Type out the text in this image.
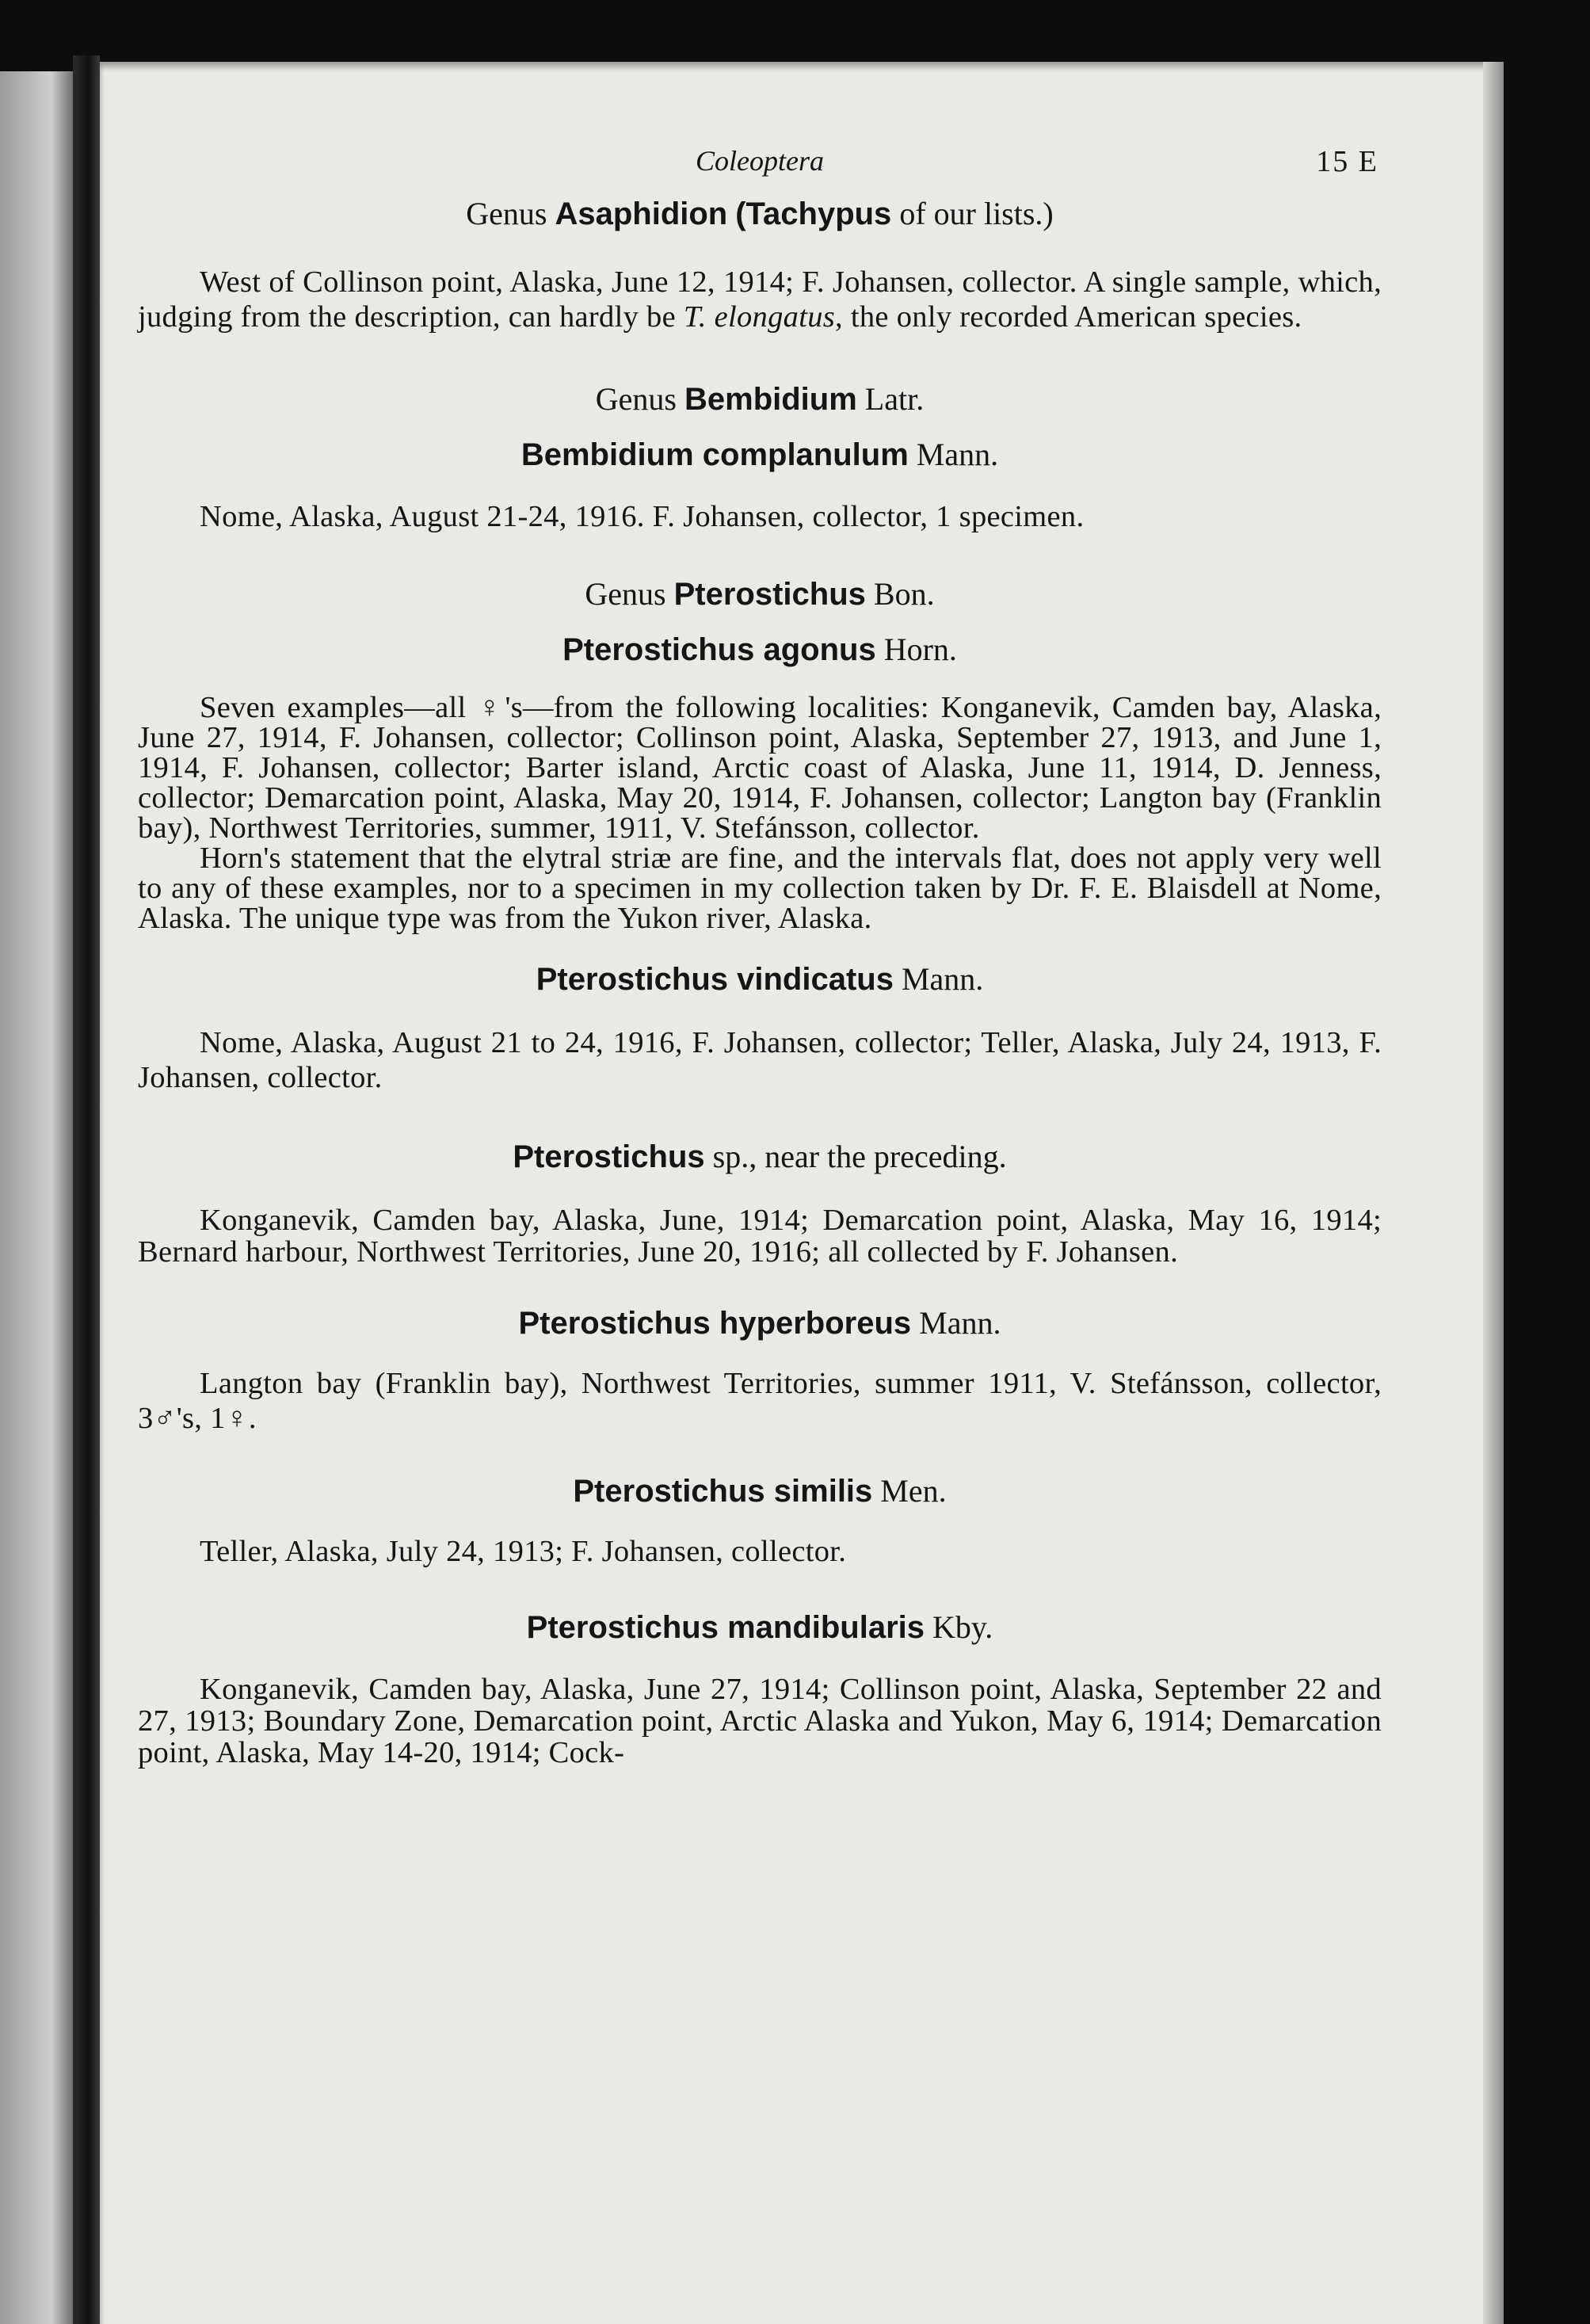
Coleoptera	15 E
Genus Asaphidion (Tachypus of our lists.)

West of Collinson point, Alaska, June 12, 1914; F. Johansen, collector. A single sample, which, judging from the description, can hardly be T. elongatus, the only recorded American species.

Genus Bembidium Latr.
Bembidium complanulum Mann.

Nome, Alaska, August 21-24, 1916. F. Johansen, collector, 1 specimen.

Genus Pterostichus Bon.
Pterostichus agonus Horn.

Seven examples—all ♀'s—from the following localities: Konganevik, Camden bay, Alaska, June 27, 1914, F. Johansen, collector; Collinson point, Alaska, September 27, 1913, and June 1, 1914, F. Johansen, collector; Barter island, Arctic coast of Alaska, June 11, 1914, D. Jenness, collector; Demarcation point, Alaska, May 20, 1914, F. Johansen, collector; Langton bay (Franklin bay), Northwest Territories, summer, 1911, V. Stefánsson, collector.

Horn's statement that the elytral striæ are fine, and the intervals flat, does not apply very well to any of these examples, nor to a specimen in my collection taken by Dr. F. E. Blaisdell at Nome, Alaska. The unique type was from the Yukon river, Alaska.

Pterostichus vindicatus Mann.

Nome, Alaska, August 21 to 24, 1916, F. Johansen, collector; Teller, Alaska, July 24, 1913, F. Johansen, collector.

Pterostichus sp., near the preceding.

Konganevik, Camden bay, Alaska, June, 1914; Demarcation point, Alaska, May 16, 1914; Bernard harbour, Northwest Territories, June 20, 1916; all collected by F. Johansen.

Pterostichus hyperboreus Mann.

Langton bay (Franklin bay), Northwest Territories, summer 1911, V. Stefánsson, collector, 3♂'s, 1♀.

Pterostichus similis Men.

Teller, Alaska, July 24, 1913; F. Johansen, collector.

Pterostichus mandibularis Kby.

Konganevik, Camden bay, Alaska, June 27, 1914; Collinson point, Alaska, September 22 and 27, 1913; Boundary Zone, Demarcation point, Arctic Alaska and Yukon, May 6, 1914; Demarcation point, Alaska, May 14-20, 1914; Cock-
